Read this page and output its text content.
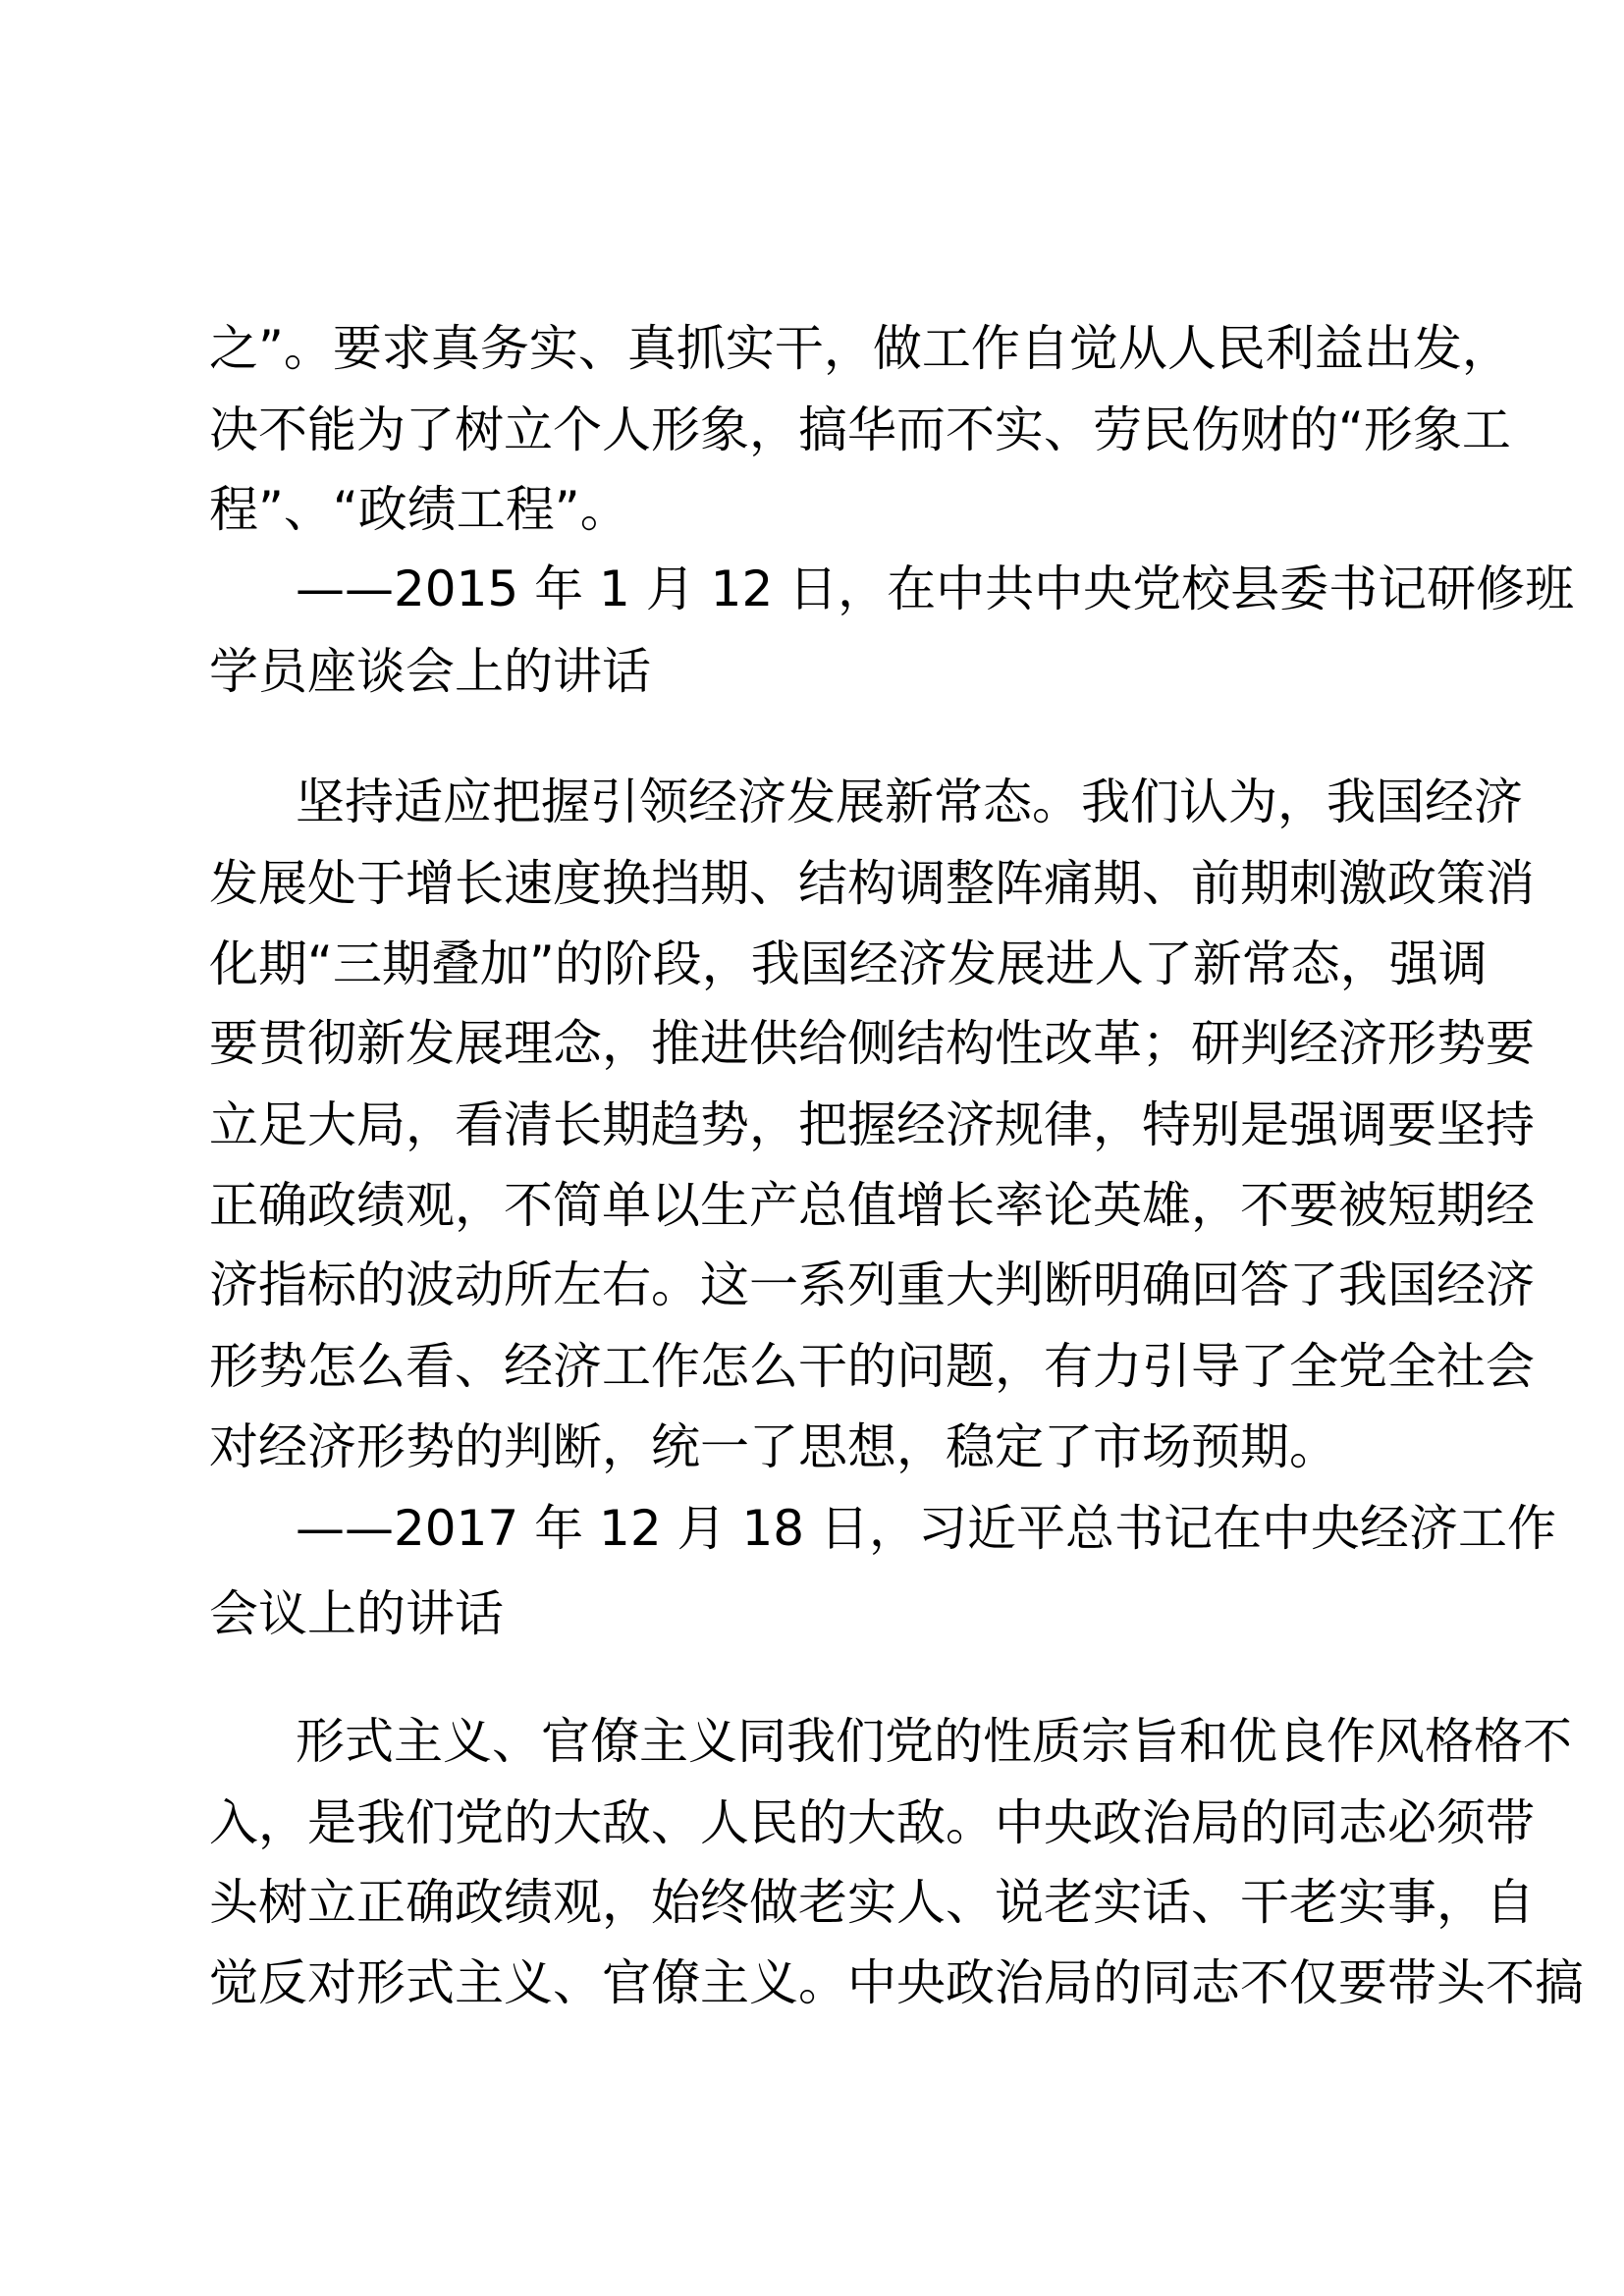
之”。要求真务实、真抓实干，做工作自觉从人民利益出发，
决不能为了树立个人形象，搞华而不实、劳民伤财的“形象工
程”、“政绩工程”。
——2015 年 1 月 12 日，在中共中央党校县委书记研修班
学员座谈会上的讲话
坚持适应把握引领经济发展新常态。我们认为，我国经济
发展处于增长速度换挡期、结构调整阵痛期、前期刺激政策消
化期“三期叠加”的阶段，我国经济发展进人了新常态，强调
要贯彻新发展理念，推进供给侧结构性改革；研判经济形势要
立足大局，看清长期趋势，把握经济规律，特别是强调要坚持
正确政绩观，不简单以生产总值增长率论英雄，不要被短期经
济指标的波动所左右。这一系列重大判断明确回答了我国经济
形势怎么看、经济工作怎么干的问题，有力引导了全党全社会
对经济形势的判断，统一了思想，稳定了市场预期。
——2017 年 12 月 18 日，习近平总书记在中央经济工作
会议上的讲话
形式主义、官僚主义同我们党的性质宗旨和优良作风格格不
入，是我们党的大敌、人民的大敌。中央政治局的同志必须带
头树立正确政绩观，始终做老实人、说老实话、干老实事，自
觉反对形式主义、官僚主义。中央政治局的同志不仅要带头不搞
